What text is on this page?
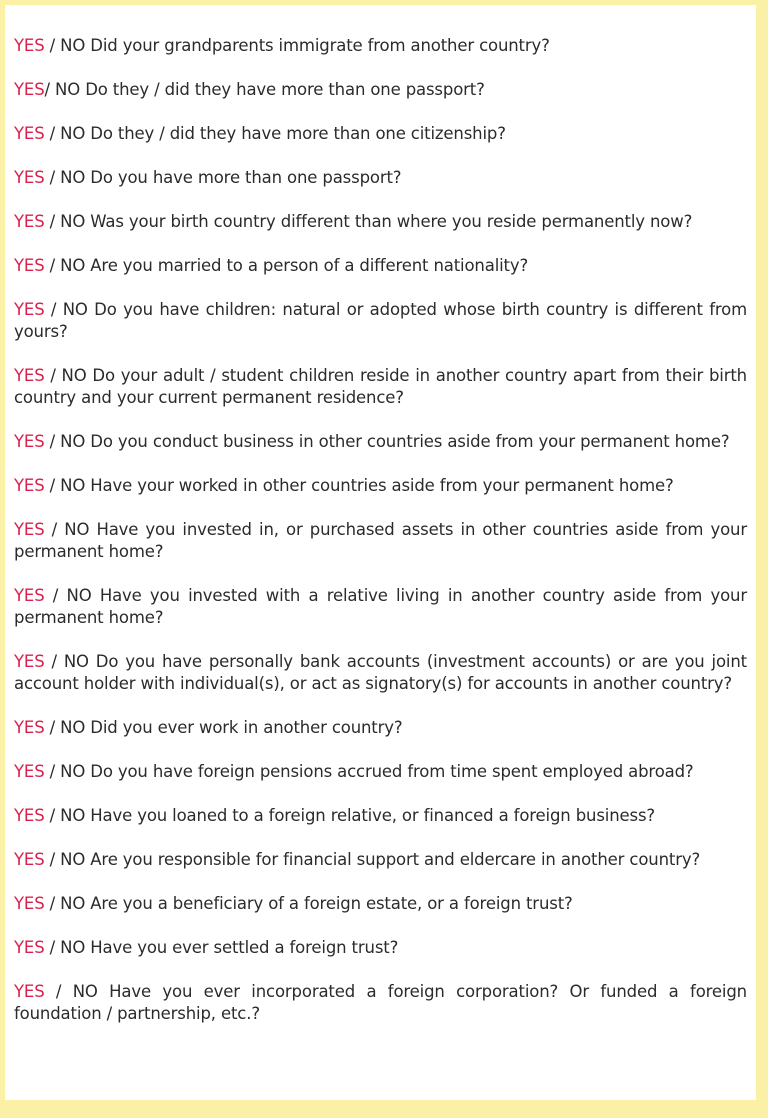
YES / NO Did your grandparents immigrate from another country?

YES/ NO Do they / did they have more than one passport?

YES / NO Do they / did they have more than one citizenship?

YES / NO Do you have more than one passport?

YES / NO Was your birth country different than where you reside permanently now?

YES / NO Are you married to a person of a different nationality?

YES / NO Do you have children: natural or adopted whose birth country is different from yours?

YES / NO Do your adult / student children reside in another country apart from their birth country and your current permanent residence?

YES / NO Do you conduct business in other countries aside from your permanent home?

YES / NO Have your worked in other countries aside from your permanent home?

YES / NO Have you invested in, or purchased assets in other countries aside from your permanent home?

YES / NO Have you invested with a relative living in another country aside from your permanent home?

YES / NO Do you have personally bank accounts (investment accounts) or are you joint account holder with individual(s), or act as signatory(s) for accounts in another country?

YES / NO Did you ever work in another country?

YES / NO Do you have foreign pensions accrued from time spent employed abroad?

YES / NO Have you loaned to a foreign relative, or financed a foreign business?

YES / NO Are you responsible for financial support and eldercare in another country?

YES / NO Are you a beneficiary of a foreign estate, or a foreign trust?

YES / NO Have you ever settled a foreign trust?

YES / NO Have you ever incorporated a foreign corporation? Or funded a foreign foundation / partnership, etc.?
